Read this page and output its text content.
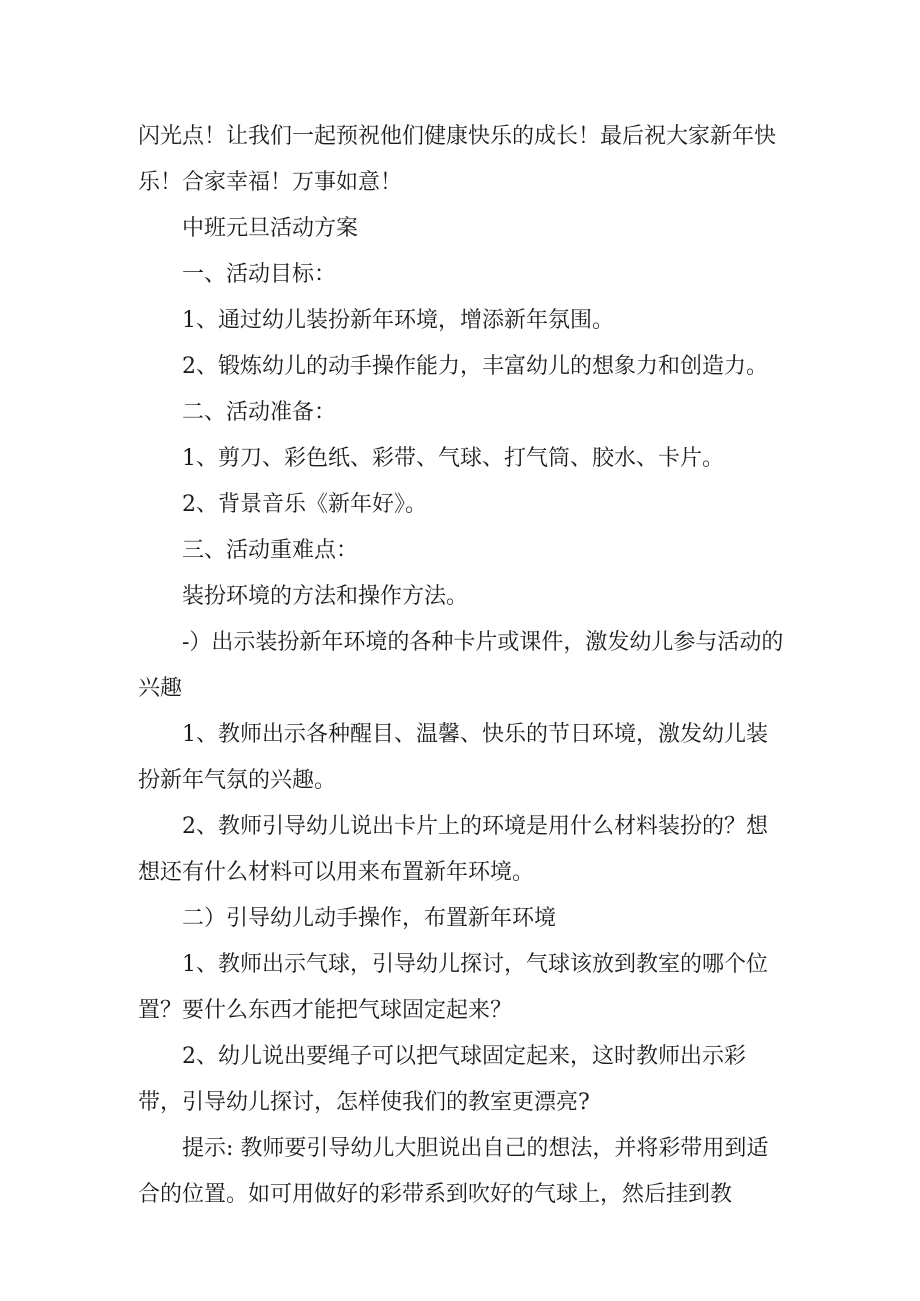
闪光点！让我们一起预祝他们健康快乐的成长！最后祝大家新年快乐！合家幸福！万事如意！

中班元旦活动方案

一、活动目标：

1、通过幼儿装扮新年环境，增添新年氛围。

2、锻炼幼儿的动手操作能力，丰富幼儿的想象力和创造力。

二、活动准备：

1、剪刀、彩色纸、彩带、气球、打气筒、胶水、卡片。

2、背景音乐《新年好》。

三、活动重难点：

装扮环境的方法和操作方法。

-）出示装扮新年环境的各种卡片或课件，激发幼儿参与活动的兴趣

1、教师出示各种醒目、温馨、快乐的节日环境，激发幼儿装扮新年气氛的兴趣。

2、教师引导幼儿说出卡片上的环境是用什么材料装扮的？想想还有什么材料可以用来布置新年环境。

二）引导幼儿动手操作，布置新年环境

1、教师出示气球，引导幼儿探讨，气球该放到教室的哪个位置？要什么东西才能把气球固定起来？

2、幼儿说出要绳子可以把气球固定起来，这时教师出示彩带，引导幼儿探讨，怎样使我们的教室更漂亮?

提示: 教师要引导幼儿大胆说出自己的想法，并将彩带用到适合的位置。如可用做好的彩带系到吹好的气球上，然后挂到教
